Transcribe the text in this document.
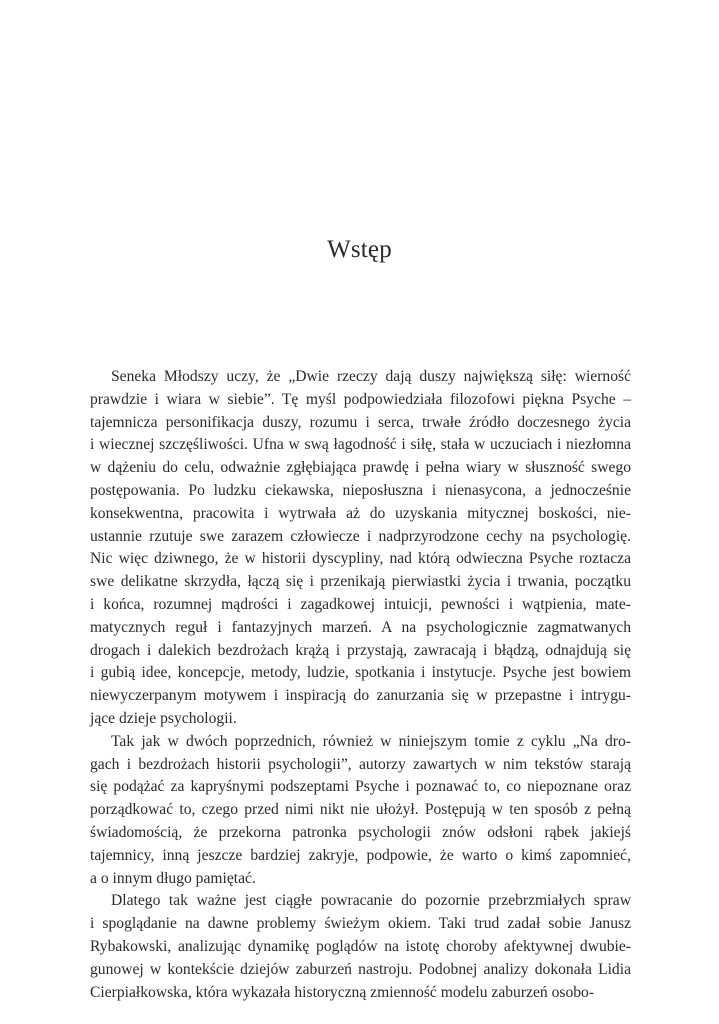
Wstęp
Seneka Młodszy uczy, że „Dwie rzeczy dają duszy największą siłę: wierność
prawdzie i wiara w siebie”. Tę myśl podpowiedziała filozofowi piękna Psyche –
tajemnicza personifikacja duszy, rozumu i serca, trwałe źródło doczesnego życia
i wiecznej szczęśliwości. Ufna w swą łagodność i siłę, stała w uczuciach i niezłomna
w dążeniu do celu, odważnie zgłębiająca prawdę i pełna wiary w słuszność swego
postępowania. Po ludzku ciekawska, nieposłuszna i nienasycona, a jednocześnie
konsekwentna, pracowita i wytrwała aż do uzyskania mitycznej boskości, nie-
ustannie rzutuje swe zarazem człowiecze i nadprzyrodzone cechy na psychologię.
Nic więc dziwnego, że w historii dyscypliny, nad którą odwieczna Psyche roztacza
swe delikatne skrzydła, łączą się i przenikają pierwiastki życia i trwania, początku
i końca, rozumnej mądrości i zagadkowej intuicji, pewności i wątpienia, mate-
matycznych reguł i fantazyjnych marzeń. A na psychologicznie zagmatwanych
drogach i dalekich bezdrożach krążą i przystają, zawracają i błądzą, odnajdują się
i gubią idee, koncepcje, metody, ludzie, spotkania i instytucje. Psyche jest bowiem
niewyczerpanym motywem i inspiracją do zanurzania się w przepastne i intrygu-
jące dzieje psychologii.
Tak jak w dwóch poprzednich, również w niniejszym tomie z cyklu „Na dro-
gach i bezdrożach historii psychologii”, autorzy zawartych w nim tekstów starają
się podążać za kapryśnymi podszeptami Psyche i poznawać to, co niepoznane oraz
porządkować to, czego przed nimi nikt nie ułożył. Postępują w ten sposób z pełną
świadomością, że przekorna patronka psychologii znów odsłoni rąbek jakiejś
tajemnicy, inną jeszcze bardziej zakryje, podpowie, że warto o kimś zapomnieć,
a o innym długo pamiętać.
Dlatego tak ważne jest ciągłe powracanie do pozornie przebrzmiałych spraw
i spoglądanie na dawne problemy świeżym okiem. Taki trud zadał sobie Janusz
Rybakowski, analizując dynamikę poglądów na istotę choroby afektywnej dwubie-
gunowej w kontekście dziejów zaburzeń nastroju. Podobnej analizy dokonała Lidia
Cierpiałkowska, która wykazała historyczną zmienność modelu zaburzeń osobo-
